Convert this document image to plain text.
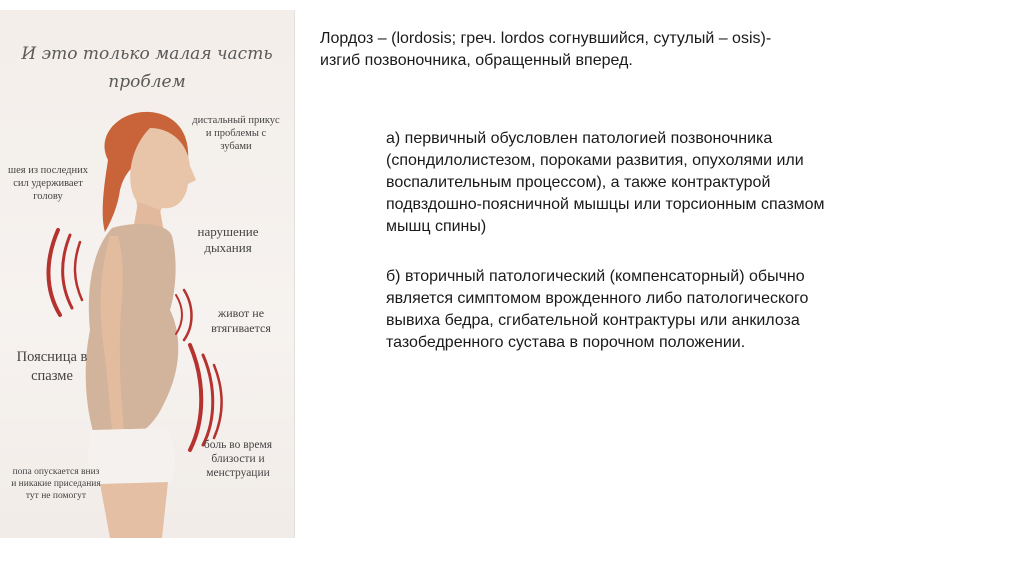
И это только малая часть
проблем
дистальный прикус
и проблемы с
зубами
шея из последних
сил удерживает
голову
нарушение
дыхания
живот не
втягивается
Поясница в
спазме
боль во время
близости и
менструации
попа опускается вниз
и никакие приседания
тут не помогут
Лордоз – (lordosis; греч. lordos согнувшийся, сутулый – osis)-
изгиб позвоночника, обращенный вперед.
а) первичный обусловлен патологией позвоночника
(спондилолистезом, пороками развития, опухолями или
воспалительным процессом), а также контрактурой
подвздошно-поясничной мышцы или торсионным спазмом
мышц спины)
б) вторичный патологический (компенсаторный) обычно
является симптомом врожденного либо патологического
вывиха бедра, сгибательной контрактуры или анкилоза
тазобедренного сустава в порочном положении.
